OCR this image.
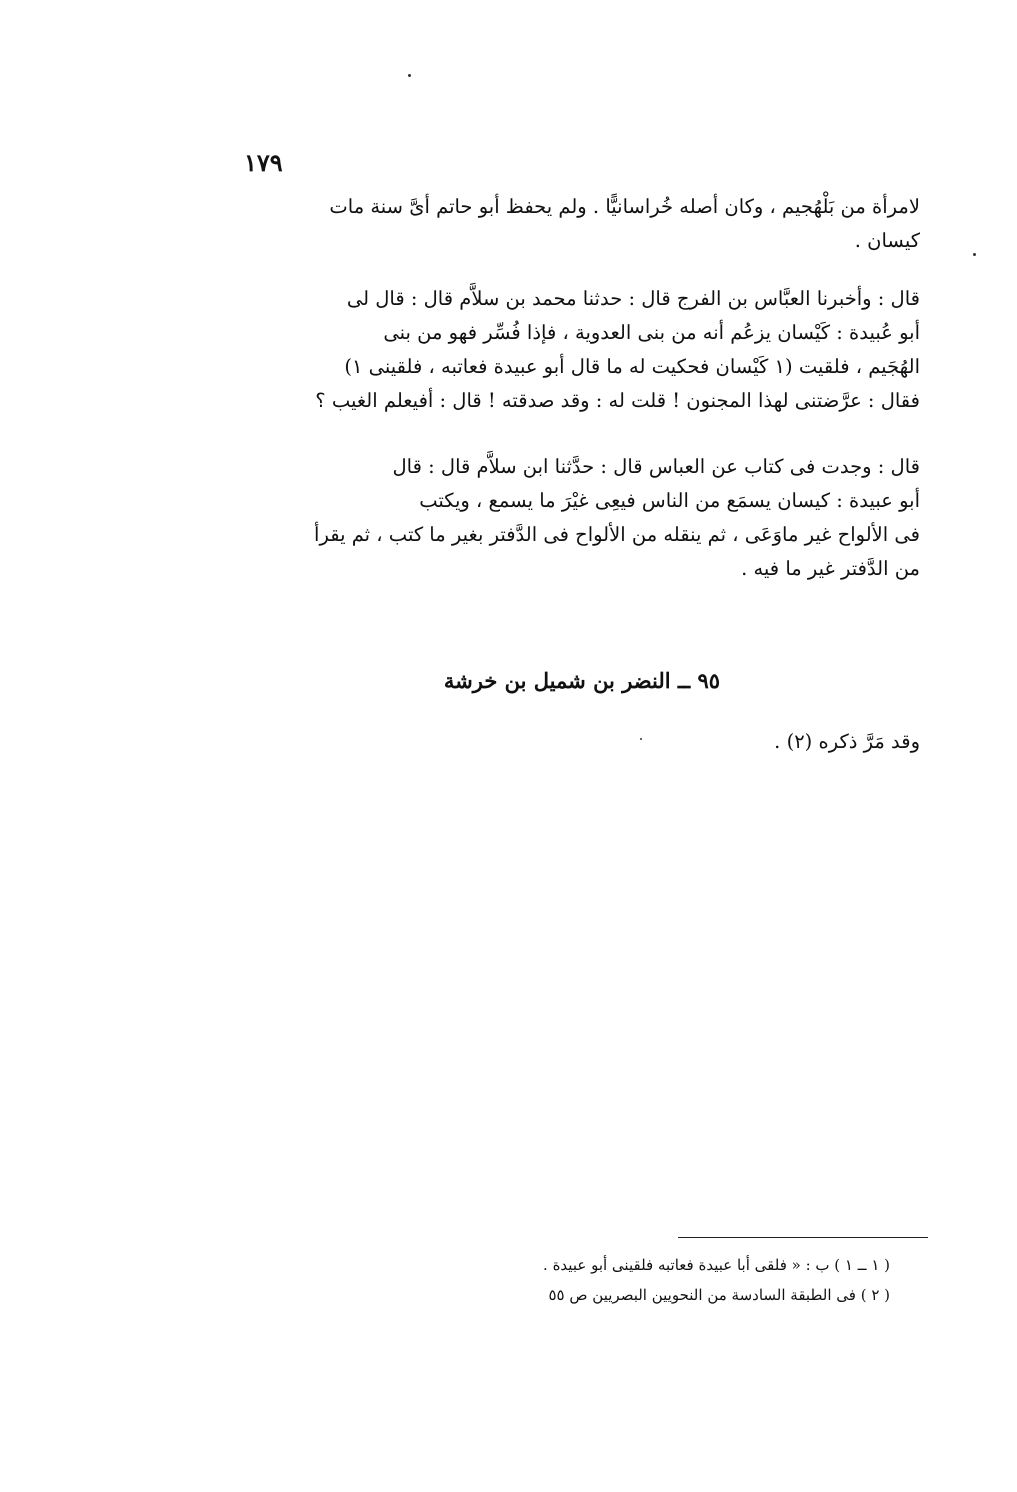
١٧٩
لامرأة من بَلْهُجيم ، وكان أصله خُراسانيًّا . ولم يحفظ أبو حاتم أىَّ سنة مات
كيسان .
قال : وأخبرنا العبَّاس بن الفرج قال : حدثنا محمد بن سلاَّم قال : قال لى
أبو عُبيدة : كَيْسان يزعُم أنه من بنى العدوية ، فإذا فُسِّر فهو من بنى
الهُجَيم ، فلقيت (١ كَيْسان فحكيت له ما قال أبو عبيدة فعاتبه ، فلقينى ١)
فقال : عرَّضتنى لهذا المجنون ! قلت له : وقد صدقته ! قال : أفيعلم الغيب ؟
قال : وجدت فى كتاب عن العباس قال : حدَّثنا ابن سلاَّم قال : قال
أبو عبيدة : كيسان يسمَع من الناس فيعِى غيْرَ ما يسمع ، ويكتب
فى الألواح غير ماوَعَى ، ثم ينقله من الألواح فى الدَّفتر بغير ما كتب ، ثم يقرأ
من الدَّفتر غير ما فيه .
٩٥ ــ النضر بن شميل بن خرشة

وقد مَرَّ ذكره (٢) .

( ١ ــ ١ ) ب : « فلقى أبا عبيدة فعاتبه فلقينى أبو عبيدة .
( ٢ ) فى الطبقة السادسة من النحويين البصريين ص ٥٥
